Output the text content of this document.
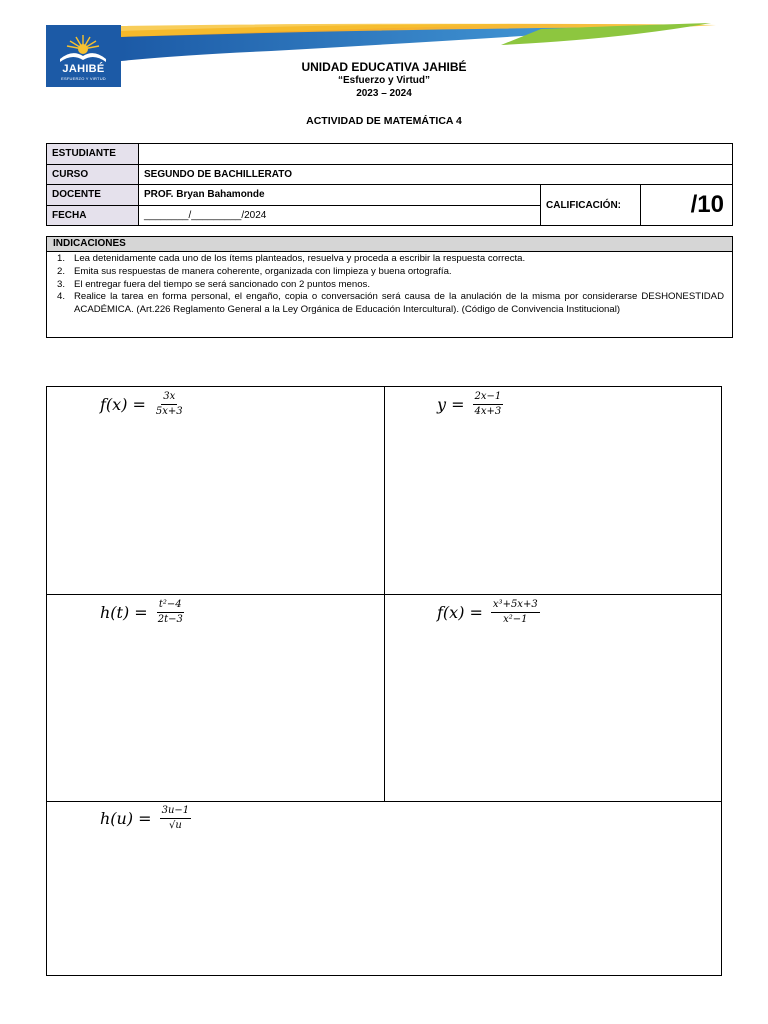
JAHIBÉ
ESFUERZO Y VIRTUD
UNIDAD EDUCATIVA JAHIBÉ
“Esfuerzo y Virtud”
2023 – 2024
ACTIVIDAD DE MATEMÁTICA 4
ESTUDIANTE			
CURSO	SEGUNDO DE BACHILLERATO		
DOCENTE	PROF. Bryan Bahamonde	CALIFICACIÓN:	/10
FECHA	________/_________/2024		
INDICACIONES
1. Lea detenidamente cada uno de los ítems planteados, resuelva y proceda a escribir la respuesta correcta.
2. Emita sus respuestas de manera coherente, organizada con limpieza y buena ortografía.
3. El entregar fuera del tiempo se será sancionado con 2 puntos menos.
4. Realice la tarea en forma personal, el engaño, copia o conversación será causa de la anulación de la misma por considerarse DESHONESTIDAD ACADÉMICA. (Art.226 Reglamento General a la Ley Orgánica de Educación Intercultural). (Código de Convivencia Institucional)
𝑓(𝑥) = $\frac{\text{3𝑥}}{\text{5𝑥+3}}$	𝑦 = $\frac{\text{2𝑥−1}}{\text{4𝑥+3}}$
ℎ(𝑡) = $\frac{\text{𝑡²−4}}{\text{2𝑡−3}}$	𝑓(𝑥) = $\frac{\text{𝑥³+5𝑥+3}}{\text{𝑥²−1}}$
ℎ(𝑢) = $\frac{\text{3𝑢−1}}{\text{√𝑢}}$
